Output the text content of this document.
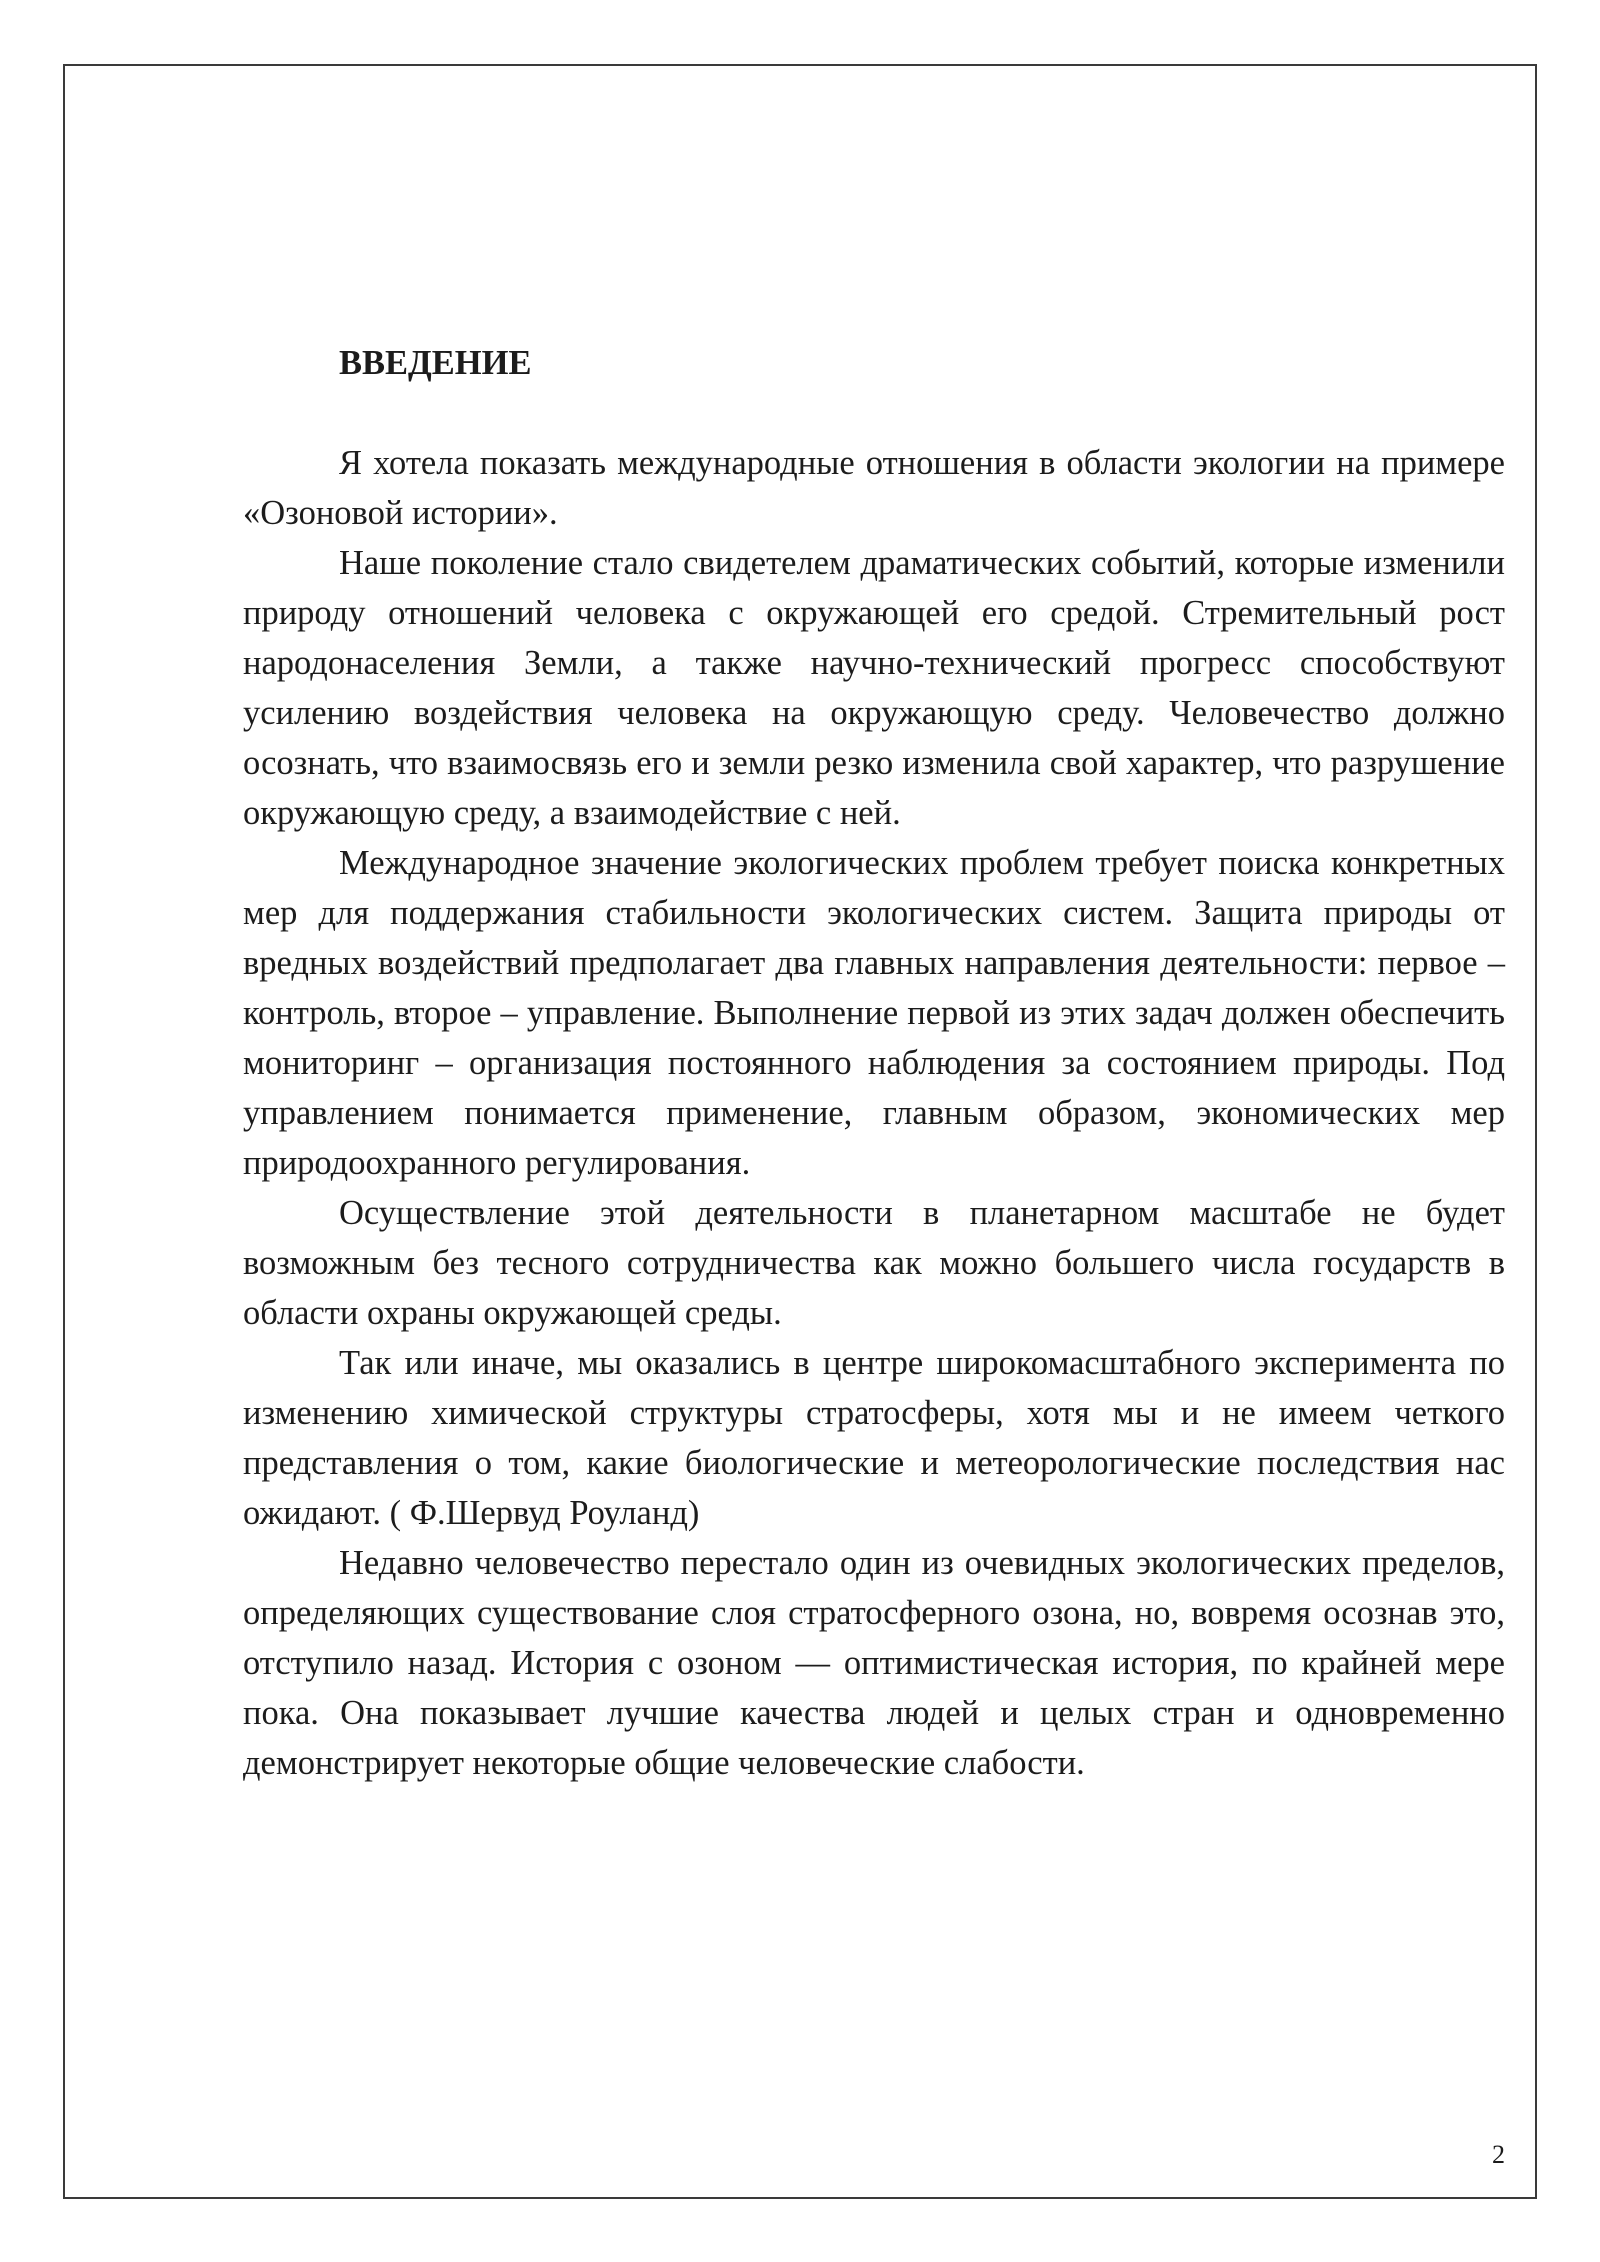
ВВЕДЕНИЕ

Я хотела показать международные отношения в области экологии на примере «Озоновой истории».

Наше поколение стало свидетелем драматических событий, которые изменили природу отношений человека с окружающей его средой. Стремительный рост народонаселения Земли, а также научно-технический прогресс способствуют усилению воздействия человека на окружающую среду. Человечество должно осознать, что взаимосвязь его и земли резко изменила свой характер, что разрушение окружающую среду, а взаимодействие с ней.

Международное значение экологических проблем требует поиска конкретных мер для поддержания стабильности экологических систем. Защита природы от вредных воздействий предполагает два главных направления деятельности: первое – контроль, второе – управление. Выполнение первой из этих задач должен обеспечить мониторинг – организация постоянного наблюдения за состоянием природы. Под управлением понимается применение, главным образом, экономических мер природоохранного регулирования.

Осуществление этой деятельности в планетарном масштабе не будет возможным без тесного сотрудничества как можно большего числа государств в области охраны окружающей среды.

Так или иначе, мы оказались в центре широкомасштабного эксперимента по изменению химической структуры стратосферы, хотя мы и не имеем четкого представления о том, какие биологические и метеорологические последствия нас ожидают. ( Ф.Шервуд Роуланд)

Недавно человечество перестало один из очевидных экологических пределов, определяющих существование слоя стратосферного озона, но, вовремя осознав это, отступило назад. История с озоном — оптимистическая история, по крайней мере пока. Она показывает лучшие качества людей и целых стран и одновременно демонстрирует некоторые общие человеческие слабости.

2
